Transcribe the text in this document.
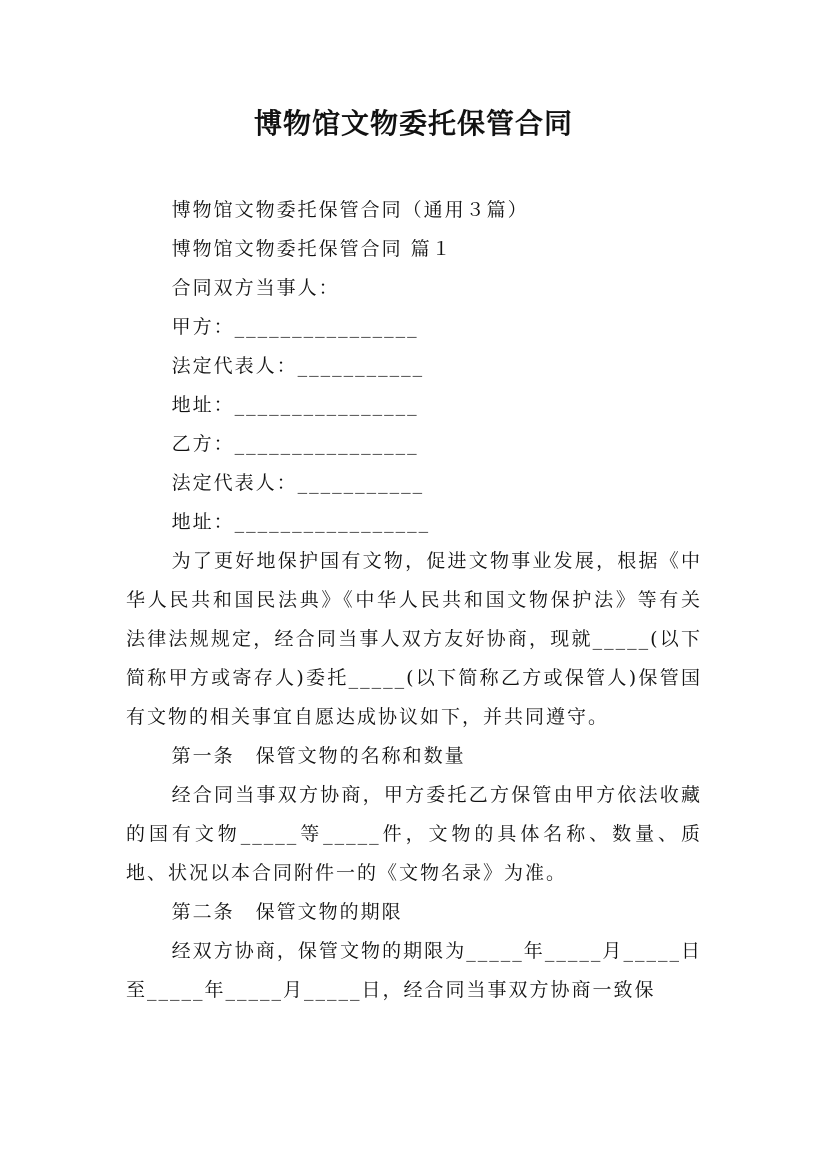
博物馆文物委托保管合同

博物馆文物委托保管合同（通用３篇）

博物馆文物委托保管合同 篇１

合同双方当事人：

甲方：________________

法定代表人：___________

地址：________________

乙方：________________

法定代表人：___________

地址：_________________

为了更好地保护国有文物，促进文物事业发展，根据《中华人民共和国民法典》《中华人民共和国文物保护法》等有关法律法规规定，经合同当事人双方友好协商，现就_____(以下简称甲方或寄存人)委托_____(以下简称乙方或保管人)保管国有文物的相关事宜自愿达成协议如下，并共同遵守。

第一条　保管文物的名称和数量

经合同当事双方协商，甲方委托乙方保管由甲方依法收藏的国有文物_____等_____件，文物的具体名称、数量、质地、状况以本合同附件一的《文物名录》为准。

第二条　保管文物的期限

经双方协商，保管文物的期限为_____年_____月_____日至_____年_____月_____日，经合同当事双方协商一致保
